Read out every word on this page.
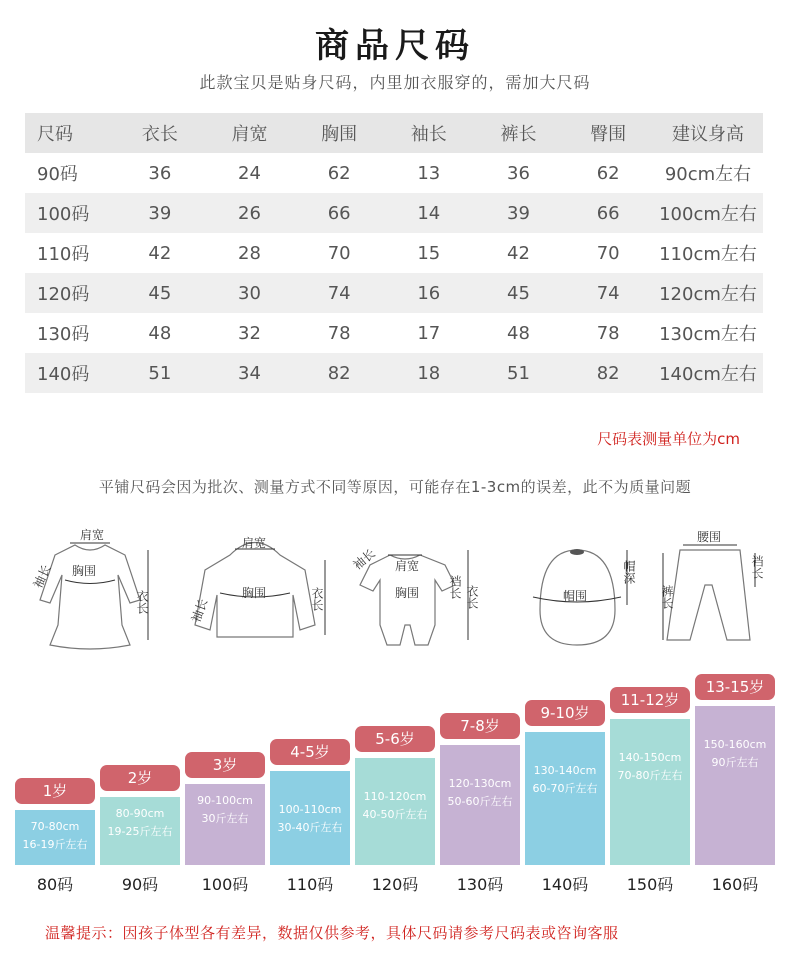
商品尺码
此款宝贝是贴身尺码，内里加衣服穿的，需加大尺码
尺码	衣长	肩宽	胸围	袖长	裤长	臀围	建议身高
90码	36	24	62	13	36	62	90cm左右
100码	39	26	66	14	39	66	100cm左右
110码	42	28	70	15	42	70	110cm左右
120码	45	30	74	16	45	74	120cm左右
130码	48	32	78	17	48	78	130cm左右
140码	51	34	82	18	51	82	140cm左右
尺码表测量单位为cm
平铺尺码会因为批次、测量方式不同等原因，可能存在1-3cm的误差，此不为质量问题
肩宽
胸围
袖长
衣长
肩宽
胸围
袖长	衣长
肩宽
胸围
袖长
裆长 衣长	帽围
帽深
腰围
裤长
裆长
1岁
70-80cm
16-19斤左右
80码
2岁
80-90cm
19-25斤左右
90码
3岁
90-100cm
30斤左右
100码
4-5岁
100-110cm
30-40斤左右
110码
5-6岁
110-120cm
40-50斤左右
120码
7-8岁
120-130cm
50-60斤左右
130码
9-10岁
130-140cm
60-70斤左右
140码
11-12岁
140-150cm
70-80斤左右
150码
13-15岁
150-160cm
90斤左右
160码
温馨提示：因孩子体型各有差异，数据仅供参考，具体尺码请参考尺码表或咨询客服
